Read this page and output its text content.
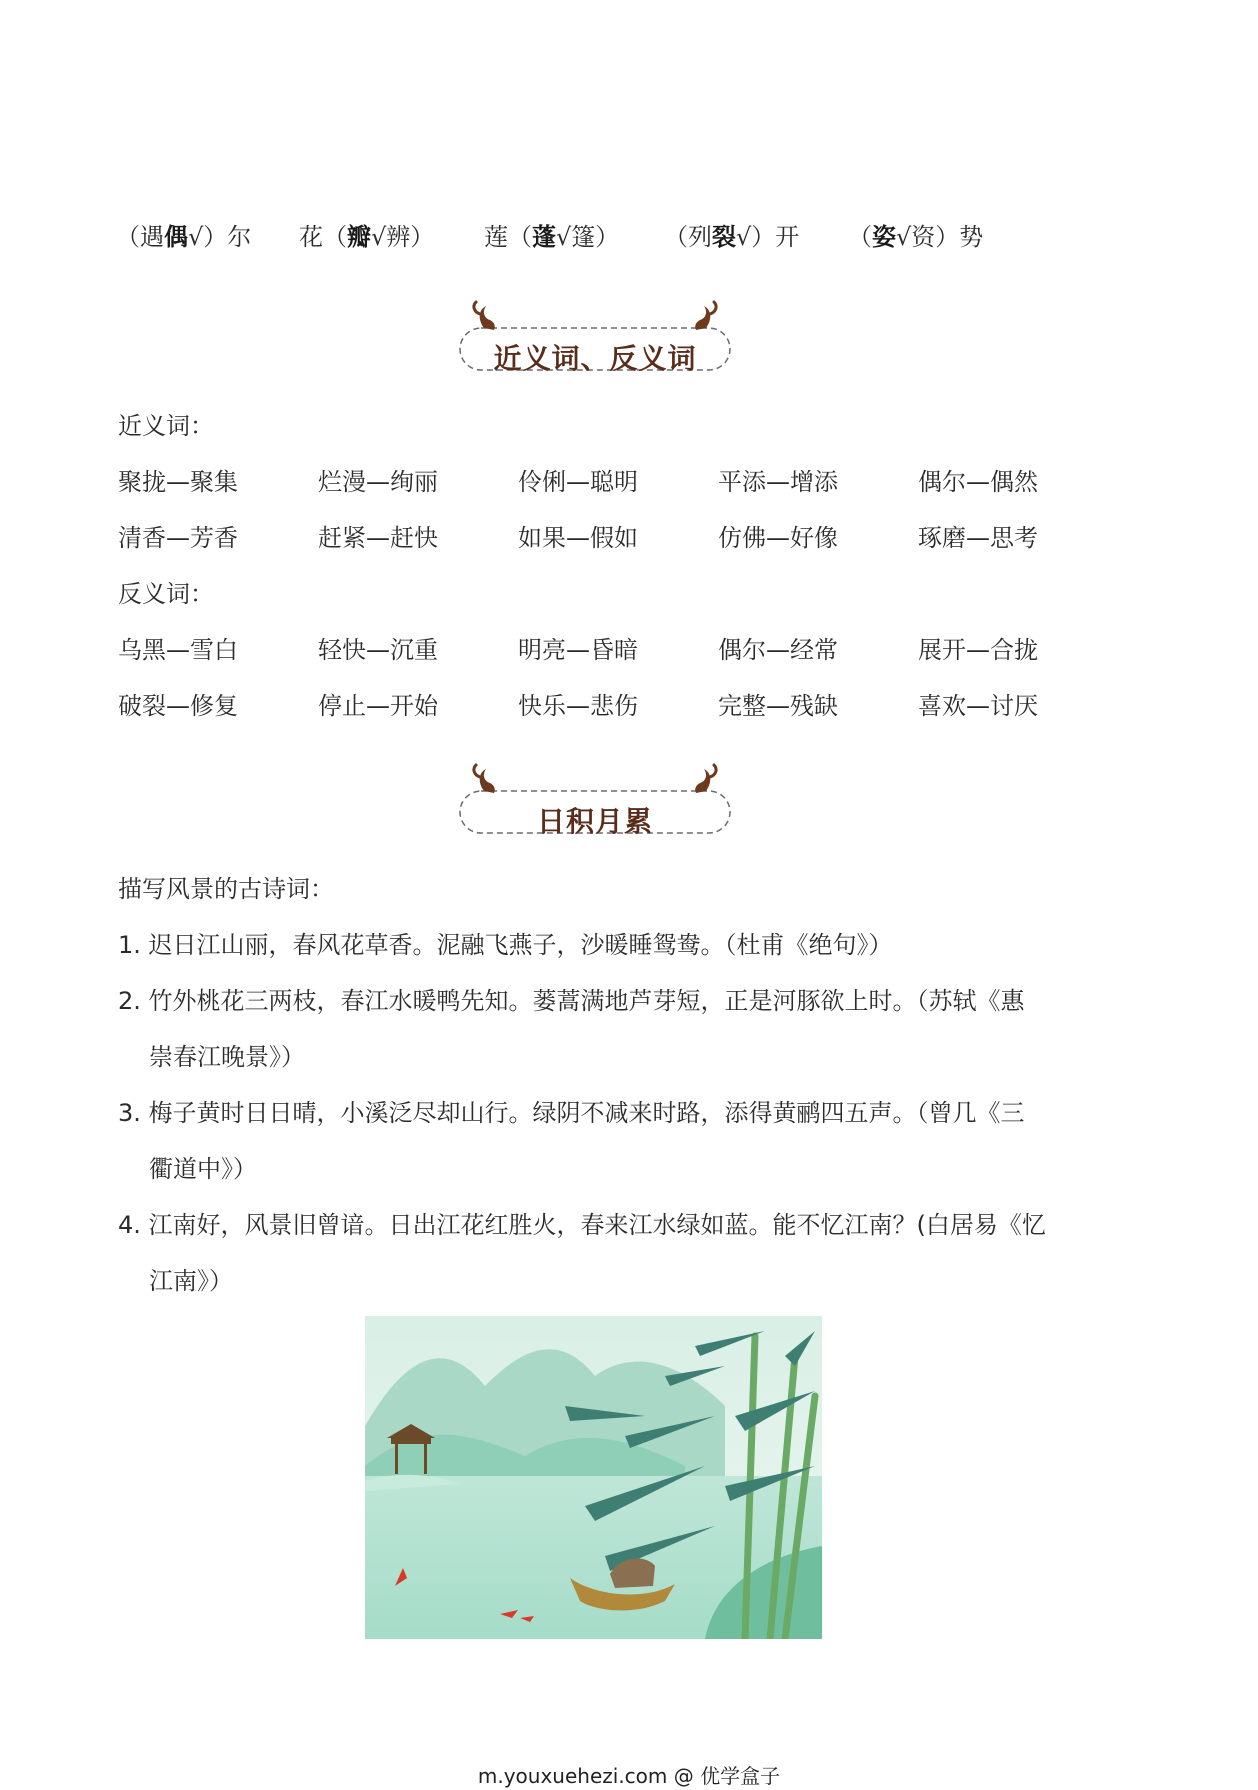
（遇偶√）尔 花（瓣√辨） 莲（蓬√篷） （列裂√）开 （姿√资）势
近义词、反义词
近义词：
聚拢—聚集	烂漫—绚丽	伶俐—聪明	平添—增添	偶尔—偶然
清香—芳香	赶紧—赶快	如果—假如	仿佛—好像	琢磨—思考
反义词：
乌黑—雪白	轻快—沉重	明亮—昏暗	偶尔—经常	展开—合拢
破裂—修复	停止—开始	快乐—悲伤	完整—残缺	喜欢—讨厌
日积月累
描写风景的古诗词：
1. 迟日江山丽，春风花草香。泥融飞燕子，沙暖睡鸳鸯。（杜甫《绝句》）
2. 竹外桃花三两枝，春江水暖鸭先知。蒌蒿满地芦芽短，正是河豚欲上时。（苏轼《惠
崇春江晚景》）
3. 梅子黄时日日晴，小溪泛尽却山行。绿阴不减来时路，添得黄鹂四五声。（曾几《三
衢道中》）
4. 江南好，风景旧曾谙。日出江花红胜火，春来江水绿如蓝。能不忆江南？(白居易《忆
江南》）
m.youxuehezi.com @ 优学盒子
